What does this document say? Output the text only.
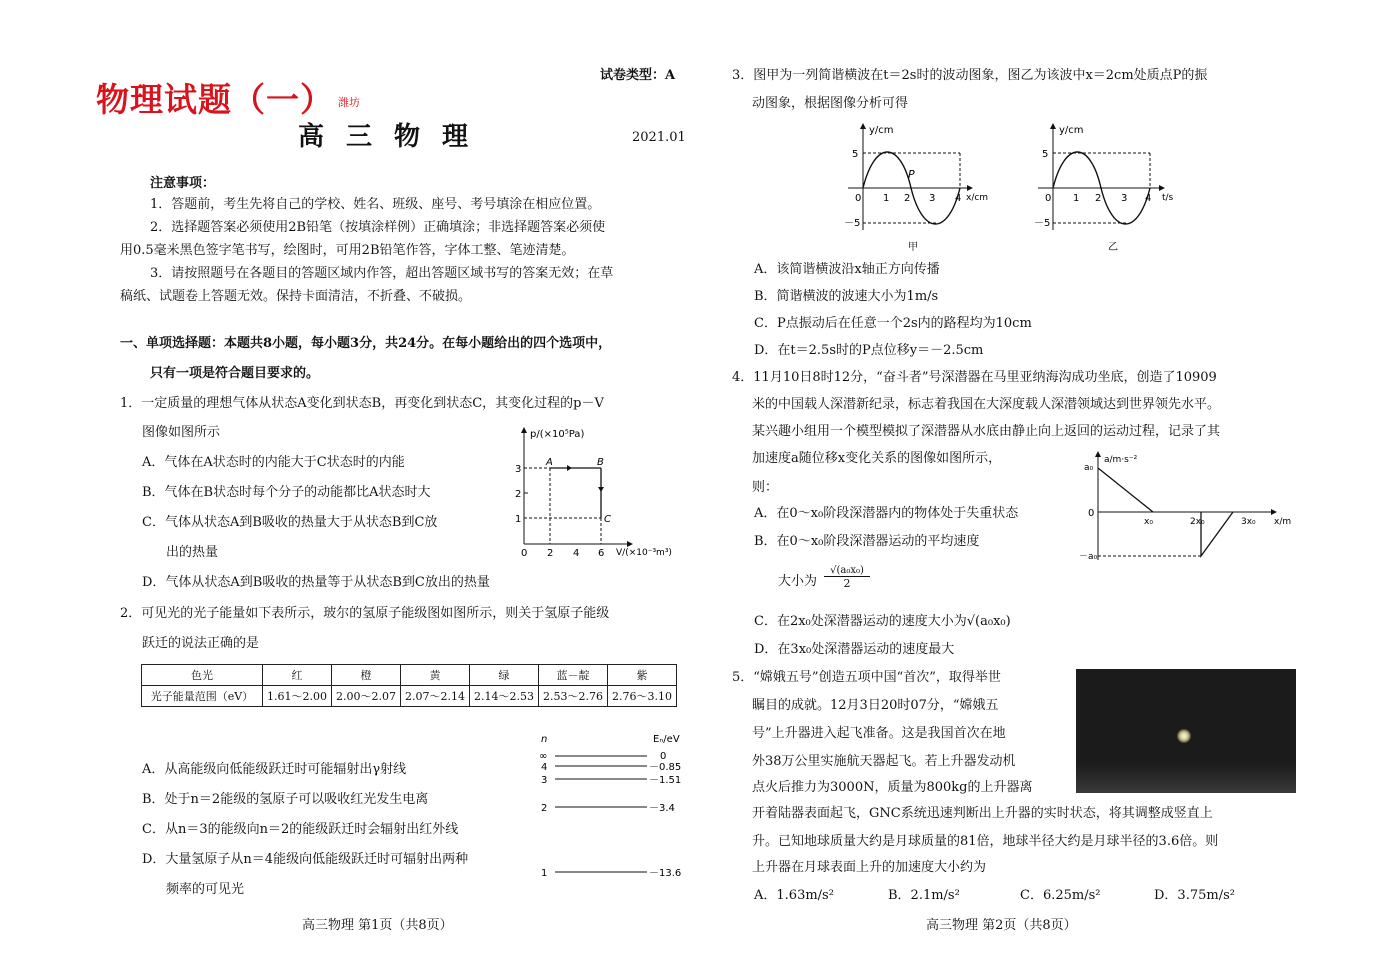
物理试题（一） 潍坊
试卷类型：A
高三物理	2021.01
注意事项：
1．答题前，考生先将自己的学校、姓名、班级、座号、考号填涂在相应位置。
2．选择题答案必须使用2B铅笔（按填涂样例）正确填涂；非选择题答案必须使
用0.5毫米黑色签字笔书写，绘图时，可用2B铅笔作答，字体工整、笔迹清楚。
3．请按照题号在各题目的答题区域内作答，超出答题区域书写的答案无效；在草
稿纸、试题卷上答题无效。保持卡面清洁，不折叠、不破损。
一、单项选择题：本题共8小题，每小题3分，共24分。在每小题给出的四个选项中，
只有一项是符合题目要求的。
1．一定质量的理想气体从状态A变化到状态B，再变化到状态C，其变化过程的p－V
图像如图所示
A．气体在A状态时的内能大于C状态时的内能
B．气体在B状态时每个分子的动能都比A状态时大
C．气体从状态A到B吸收的热量大于从状态B到C放
出的热量
D．气体从状态A到B吸收的热量等于从状态B到C放出的热量
p/(×10⁵Pa)
V/(×10⁻³m³)
3
2
1
0 2 4 6
A	B
C
2．可见光的光子能量如下表所示，玻尔的氢原子能级图如图所示，则关于氢原子能级
跃迁的说法正确的是
色光	红	橙	黄	绿	蓝－靛	紫
光子能量范围（eV）	1.61～2.00	2.00～2.07	2.07～2.14	2.14～2.53	2.53～2.76	2.76～3.10
A．从高能级向低能级跃迁时可能辐射出γ射线
B．处于n＝2能级的氢原子可以吸收红光发生电离
C．从n＝3的能级向n＝2的能级跃迁时会辐射出红外线
D．大量氢原子从n＝4能级向低能级跃迁时可辐射出两种
频率的可见光
n	Eₙ/eV
∞
4
3
2
1
0
－0.85
－1.51
－3.4
－13.6
高三物理 第1页（共8页）
3．图甲为一列简谐横波在t＝2s时的波动图象，图乙为该波中x＝2cm处质点P的振
动图象，根据图像分析可得
y/cm
x/cm
5
－5
0 1 2 3 4
P
甲
y/cm
t/s
5
－5
0 1 2 3 4
乙
A．该简谐横波沿x轴正方向传播
B．简谐横波的波速大小为1m/s
C．P点振动后在任意一个2s内的路程均为10cm
D．在t＝2.5s时的P点位移y＝－2.5cm
4．11月10日8时12分，“奋斗者”号深潜器在马里亚纳海沟成功坐底，创造了10909
米的中国载人深潜新纪录，标志着我国在大深度载人深潜领域达到世界领先水平。
某兴趣小组用一个模型模拟了深潜器从水底由静止向上返回的运动过程，记录了其
加速度a随位移x变化关系的图像如图所示，
则：
A．在0～x₀阶段深潜器内的物体处于失重状态
B．在0～x₀阶段深潜器运动的平均速度
大小为 $\frac{\text{√(a₀x₀)}}{2}$
C．在2x₀处深潜器运动的速度大小为√(a₀x₀)
D．在3x₀处深潜器运动的速度最大
a/m·s⁻²
a₀
－a₀
0
x₀	2x₀	3x₀ x/m
5．“嫦娥五号”创造五项中国“首次”，取得举世
瞩目的成就。12月3日20时07分，“嫦娥五
号”上升器进入起飞准备。这是我国首次在地
外38万公里实施航天器起飞。若上升器发动机
点火后推力为3000N，质量为800kg的上升器离
开着陆器表面起飞，GNC系统迅速判断出上升器的实时状态，将其调整成竖直上
升。已知地球质量大约是月球质量的81倍，地球半径大约是月球半径的3.6倍。则
上升器在月球表面上升的加速度大小约为
A．1.63m/s²	B．2.1m/s²	C．6.25m/s²	D．3.75m/s²
高三物理 第2页（共8页）
